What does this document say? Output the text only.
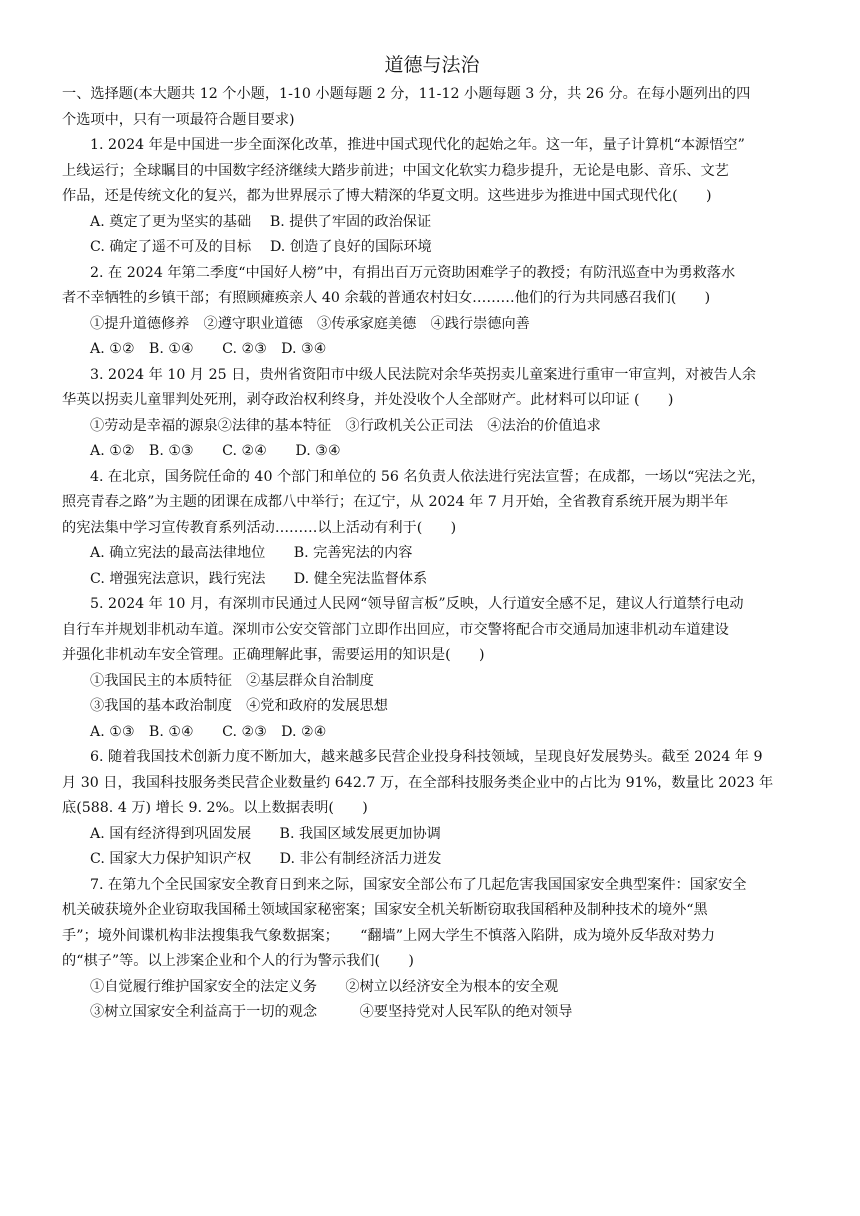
道德与法治
一、选择题(本大题共 12 个小题，1-10 小题每题 2 分，11-12 小题每题 3 分，共 26 分。在每小题列出的四
个选项中，只有一项最符合题目要求)
1. 2024 年是中国进一步全面深化改革，推进中国式现代化的起始之年。这一年，量子计算机“本源悟空”
上线运行；全球瞩目的中国数字经济继续大踏步前进；中国文化软实力稳步提升，无论是电影、音乐、文艺
作品，还是传统文化的复兴，都为世界展示了博大精深的华夏文明。这些进步为推进中国式现代化(　　)
A. 奠定了更为坚实的基础　 B. 提供了牢固的政治保证
C. 确定了遥不可及的目标　 D. 创造了良好的国际环境
2. 在 2024 年第二季度“中国好人榜”中，有捐出百万元资助困难学子的教授；有防汛巡查中为勇救落水
者不幸牺牲的乡镇干部；有照顾瘫痪亲人 40 余载的普通农村妇女………他们的行为共同感召我们(　　)
①提升道德修养　②遵守职业道德　③传承家庭美德　④践行崇德向善
A. ①②　B. ①④　　C. ②③　D. ③④
3. 2024 年 10 月 25 日，贵州省资阳市中级人民法院对余华英拐卖儿童案进行重审一审宣判，对被告人余
华英以拐卖儿童罪判处死刑，剥夺政治权利终身，并处没收个人全部财产。此材料可以印证 (　　)
①劳动是幸福的源泉②法律的基本特征　③行政机关公正司法　④法治的价值追求
A. ①②　B. ①③　　C. ②④　　D. ③④
4. 在北京，国务院任命的 40 个部门和单位的 56 名负责人依法进行宪法宣誓；在成都，一场以“宪法之光，
照亮青春之路”为主题的团课在成都八中举行；在辽宁，从 2024 年 7 月开始，全省教育系统开展为期半年
的宪法集中学习宣传教育系列活动………以上活动有利于(　　)
A. 确立宪法的最高法律地位　　B. 完善宪法的内容
C. 增强宪法意识，践行宪法　　D. 健全宪法监督体系
5. 2024 年 10 月，有深圳市民通过人民网“领导留言板”反映，人行道安全感不足，建议人行道禁行电动
自行车并规划非机动车道。深圳市公安交管部门立即作出回应，市交警将配合市交通局加速非机动车道建设
并强化非机动车安全管理。正确理解此事，需要运用的知识是(　　)
①我国民主的本质特征　②基层群众自治制度
③我国的基本政治制度　④党和政府的发展思想
A. ①③　B. ①④　　C. ②③　D. ②④
6. 随着我国技术创新力度不断加大，越来越多民营企业投身科技领域，呈现良好发展势头。截至 2024 年 9
月 30 日，我国科技服务类民营企业数量约 642.7 万，在全部科技服务类企业中的占比为 91%，数量比 2023 年
底(588. 4 万) 增长 9. 2%。以上数据表明(　　)
A. 国有经济得到巩固发展　　B. 我国区域发展更加协调
C. 国家大力保护知识产权　　D. 非公有制经济活力迸发
7. 在第九个全民国家安全教育日到来之际，国家安全部公布了几起危害我国国家安全典型案件：国家安全
机关破获境外企业窃取我国稀土领域国家秘密案；国家安全机关斩断窃取我国稻种及制种技术的境外“黑
手”；境外间谍机构非法搜集我气象数据案；　　“翻墙”上网大学生不慎落入陷阱，成为境外反华敌对势力
的“棋子”等。以上涉案企业和个人的行为警示我们(　　)
①自觉履行维护国家安全的法定义务　　②树立以经济安全为根本的安全观
③树立国家安全利益高于一切的观念　　　④要坚持党对人民军队的绝对领导
